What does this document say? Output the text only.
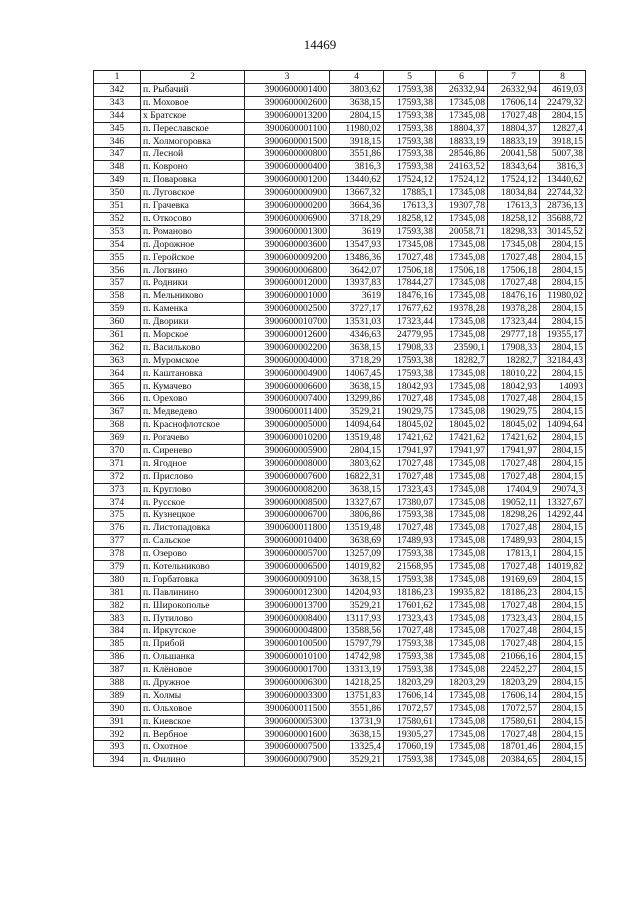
14469
1	2	3	4	5	6	7	8
342	п. Рыбачий	3900600001400	3803,62	17593,38	26332,94	26332,94	4619,03
343	п. Моховое	3900600002600	3638,15	17593,38	17345,08	17606,14	22479,32
344	х Братское	3900600013200	2804,15	17593,38	17345,08	17027,48	2804,15
345	п. Переславское	3900600001100	11980,02	17593,38	18804,37	18804,37	12827,4
346	п. Холмогоровка	3900600001500	3918,15	17593,38	18833,19	18833,19	3918,15
347	п. Лесной	3900600000800	3551,86	17593,38	28546,86	20041,58	5007,38
348	п. Ковроно	3900600000400	3816,3	17593,38	24163,52	18343,64	3816,3
349	п. Поваровка	3900600001200	13440,62	17524,12	17524,12	17524,12	13440,62
350	п. Луговское	3900600000900	13667,32	17885,1	17345,08	18034,84	22744,32
351	п. Грачевка	3900600000200	3664,36	17613,3	19307,78	17613,3	28736,13
352	п. Откосово	3900600006900	3718,29	18258,12	17345,08	18258,12	35688,72
353	п. Романово	3900600001300	3619	17593,38	20058,71	18298,33	30145,52
354	п. Дорожное	3900600003600	13547,93	17345,08	17345,08	17345,08	2804,15
355	п. Геройское	3900600009200	13486,36	17027,48	17345,08	17027,48	2804,15
356	п. Логвино	3900600006800	3642,07	17506,18	17506,18	17506,18	2804,15
357	п. Родники	3900600012000	13937,83	17844,27	17345,08	17027,48	2804,15
358	п. Мельниково	3900600001000	3619	18476,16	17345,08	18476,16	11980,02
359	п. Каменка	3900600002500	3727,17	17677,62	19378,28	19378,28	2804,15
360	п. Дворики	3900600010700	13531,03	17323,44	17345,08	17323,44	2804,15
361	п. Морское	3900600012600	4346,63	24779,95	17345,08	29777,18	19355,17
362	п. Васильково	3900600002200	3638,15	17908,33	23590,1	17908,33	2804,15
363	п. Муромское	3900600004000	3718,29	17593,38	18282,7	18282,7	32184,43
364	п. Каштановка	3900600004900	14067,45	17593,38	17345,08	18010,22	2804,15
365	п. Кумачево	3900600006600	3638,15	18042,93	17345,08	18042,93	14093
366	п. Орехово	3900600007400	13299,86	17027,48	17345,08	17027,48	2804,15
367	п. Медведево	3900600011400	3529,21	19029,75	17345,08	19029,75	2804,15
368	п. Краснофлотское	3900600005000	14094,64	18045,02	18045,02	18045,02	14094,64
369	п. Рогачево	3900600010200	13519,48	17421,62	17421,62	17421,62	2804,15
370	п. Сиренево	3900600005900	2804,15	17941,97	17941,97	17941,97	2804,15
371	п. Ягодное	3900600008000	3803,62	17027,48	17345,08	17027,48	2804,15
372	п. Прислово	3900600007600	16822,31	17027,48	17345,08	17027,48	2804,15
373	п. Круглово	3900600008200	3638,15	17323,43	17345,08	17404,9	29074,3
374	п. Русское	3900600008500	13327,67	17380,07	17345,08	19052,11	13327,67
375	п. Кузнецкое	3900600006700	3806,86	17593,38	17345,08	18298,26	14292,44
376	п. Листопадовка	3900600011800	13519,48	17027,48	17345,08	17027,48	2804,15
377	п. Сальское	3900600010400	3638,69	17489,93	17345,08	17489,93	2804,15
378	п. Озерово	3900600005700	13257,09	17593,38	17345,08	17813,1	2804,15
379	п. Котельниково	3900600006500	14019,82	21568,95	17345,08	17027,48	14019,82
380	п. Горбатовка	3900600009100	3638,15	17593,38	17345,08	19169,69	2804,15
381	п. Павлинино	3900600012300	14204,93	18186,23	19935,82	18186,23	2804,15
382	п. Широкополье	3900600013700	3529,21	17601,62	17345,08	17027,48	2804,15
383	п. Путилово	3900600008400	13117,93	17323,43	17345,08	17323,43	2804,15
384	п. Иркутское	3900600004800	13588,56	17027,48	17345,08	17027,48	2804,15
385	п. Прибой	3900600100500	15797,79	17593,38	17345,08	17027,48	2804,15
386	п. Ольшанка	3900600010100	14742,98	17593,38	17345,08	21066,16	2804,15
387	п. Клёновое	3900600001700	13313,19	17593,38	17345,08	22452,27	2804,15
388	п. Дружное	3900600006300	14218,25	18203,29	18203,29	18203,29	2804,15
389	п. Холмы	3900600003300	13751,83	17606,14	17345,08	17606,14	2804,15
390	п. Ольховое	3900600011500	3551,86	17072,57	17345,08	17072,57	2804,15
391	п. Киевское	3900600005300	13731,9	17580,61	17345,08	17580,61	2804,15
392	п. Вербное	3900600001600	3638,15	19305,27	17345,08	17027,48	2804,15
393	п. Охотное	3900600007500	13325,4	17060,19	17345,08	18701,46	2804,15
394	п. Филино	3900600007900	3529,21	17593,38	17345,08	20384,65	2804,15
